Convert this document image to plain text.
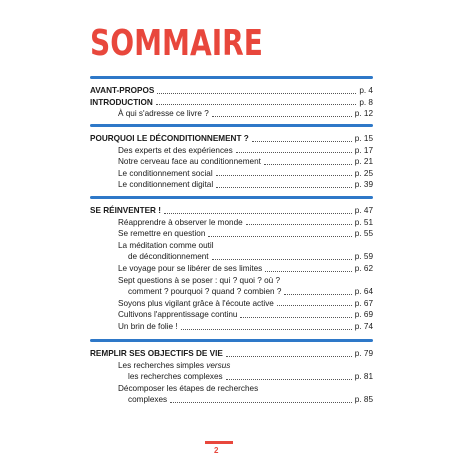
SOMMAIRE
AVANT-PROPOS	p. 4
INTRODUCTION	p. 8
À qui s'adresse ce livre ?	p. 12
POURQUOI LE DÉCONDITIONNEMENT ?	p. 15
Des experts et des expériences	p. 17
Notre cerveau face au conditionnement	p. 21
Le conditionnement social	p. 25
Le conditionnement digital	p. 39
SE RÉINVENTER !	p. 47
Réapprendre à observer le monde	p. 51
Se remettre en question	p. 55
La méditation comme outil
de déconditionnement	p. 59
Le voyage pour se libérer de ses limites	p. 62
Sept questions à se poser : qui ? quoi ? où ?
comment ? pourquoi ? quand ? combien ?	p. 64
Soyons plus vigilant grâce à l'écoute active	p. 67
Cultivons l'apprentissage continu	p. 69
Un brin de folie !	p. 74
REMPLIR SES OBJECTIFS DE VIE	p. 79
Les recherches simples versus
les recherches complexes	p. 81
Décomposer les étapes de recherches
complexes	p. 85
2
